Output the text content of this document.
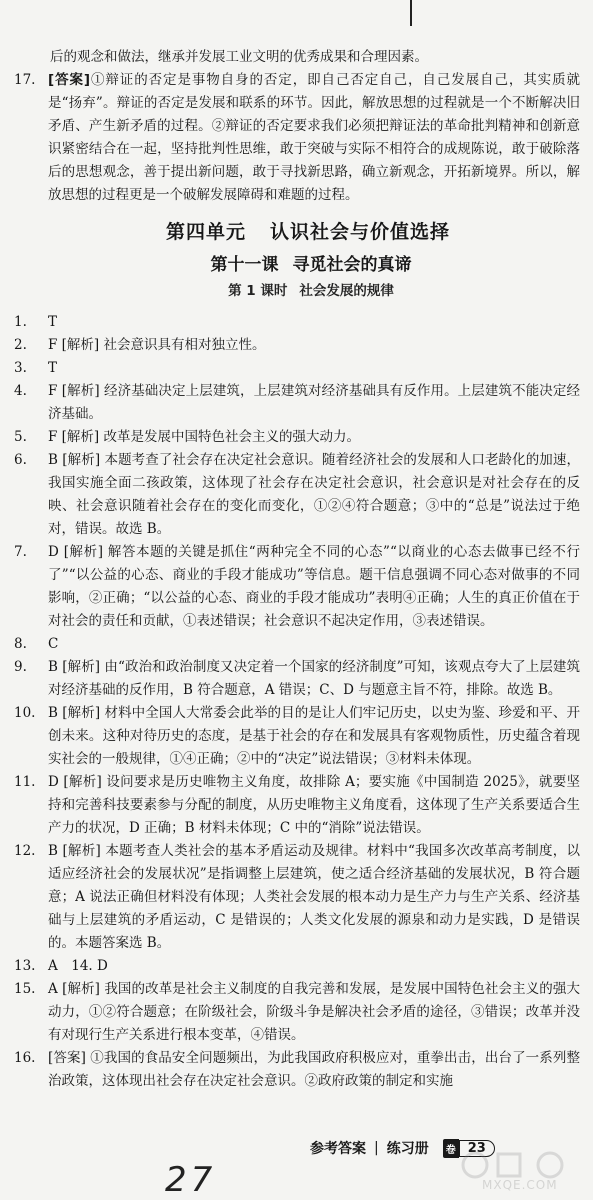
后的观念和做法，继承并发展工业文明的优秀成果和合理因素。

17. [答案]①辩证的否定是事物自身的否定，即自己否定自己，自己发展自己，其实质就是“扬弃”。辩证的否定是发展和联系的环节。因此，解放思想的过程就是一个不断解决旧矛盾、产生新矛盾的过程。②辩证的否定要求我们必须把辩证法的革命批判精神和创新意识紧密结合在一起，坚持批判性思维，敢于突破与实际不相符合的成规陈说，敢于破除落后的思想观念，善于提出新问题，敢于寻找新思路，确立新观念，开拓新境界。所以，解放思想的过程更是一个破解发展障碍和难题的过程。
第四单元 认识社会与价值选择
第十一课 寻觅社会的真谛
第 1 课时 社会发展的规律
1.	T
2.	F [解析] 社会意识具有相对独立性。
3.	T
4.	F [解析] 经济基础决定上层建筑，上层建筑对经济基础具有反作用。上层建筑不能决定经济基础。
5.	F [解析] 改革是发展中国特色社会主义的强大动力。
6.	B [解析] 本题考查了社会存在决定社会意识。随着经济社会的发展和人口老龄化的加速，我国实施全面二孩政策，这体现了社会存在决定社会意识，社会意识是对社会存在的反映、社会意识随着社会存在的变化而变化，①②④符合题意；③中的“总是”说法过于绝对，错误。故选 B。
7.	D [解析] 解答本题的关键是抓住“两种完全不同的心态”“以商业的心态去做事已经不行了”“以公益的心态、商业的手段才能成功”等信息。题干信息强调不同心态对做事的不同影响，②正确；“以公益的心态、商业的手段才能成功”表明④正确；人生的真正价值在于对社会的责任和贡献，①表述错误；社会意识不起决定作用，③表述错误。
8.	C
9.	B [解析] 由“政治和政治制度又决定着一个国家的经济制度”可知，该观点夸大了上层建筑对经济基础的反作用，B 符合题意，A 错误；C、D 与题意主旨不符，排除。故选 B。
10. B [解析] 材料中全国人大常委会此举的目的是让人们牢记历史，以史为鉴、珍爱和平、开创未来。这种对待历史的态度，是基于社会的存在和发展具有客观物质性，历史蕴含着现实社会的一般规律，①④正确；②中的“决定”说法错误；③材料未体现。
11. D [解析] 设问要求是历史唯物主义角度，故排除 A；要实施《中国制造 2025》，就要坚持和完善科技要素参与分配的制度，从历史唯物主义角度看，这体现了生产关系要适合生产力的状况，D 正确；B 材料未体现；C 中的“消除”说法错误。
12. B [解析] 本题考查人类社会的基本矛盾运动及规律。材料中“我国多次改革高考制度，以适应经济社会的发展状况”是指调整上层建筑，使之适合经济基础的发展状况，B 符合题意；A 说法正确但材料没有体现；人类社会发展的根本动力是生产力与生产关系、经济基础与上层建筑的矛盾运动，C 是错误的；人类文化发展的源泉和动力是实践，D 是错误的。本题答案选 B。
13. A　14. D
15. A [解析] 我国的改革是社会主义制度的自我完善和发展，是发展中国特色社会主义的强大动力，①②符合题意；在阶级社会，阶级斗争是解决社会矛盾的途径，③错误；改革并没有对现行生产关系进行根本变革，④错误。
16. [答案] ①我国的食品安全问题频出，为此我国政府积极应对，重拳出击，出台了一系列整治政策，这体现出社会存在决定社会意识。②政府政策的制定和实施
参考答案 | 练习册	卷 23
27	MXQE.COM
